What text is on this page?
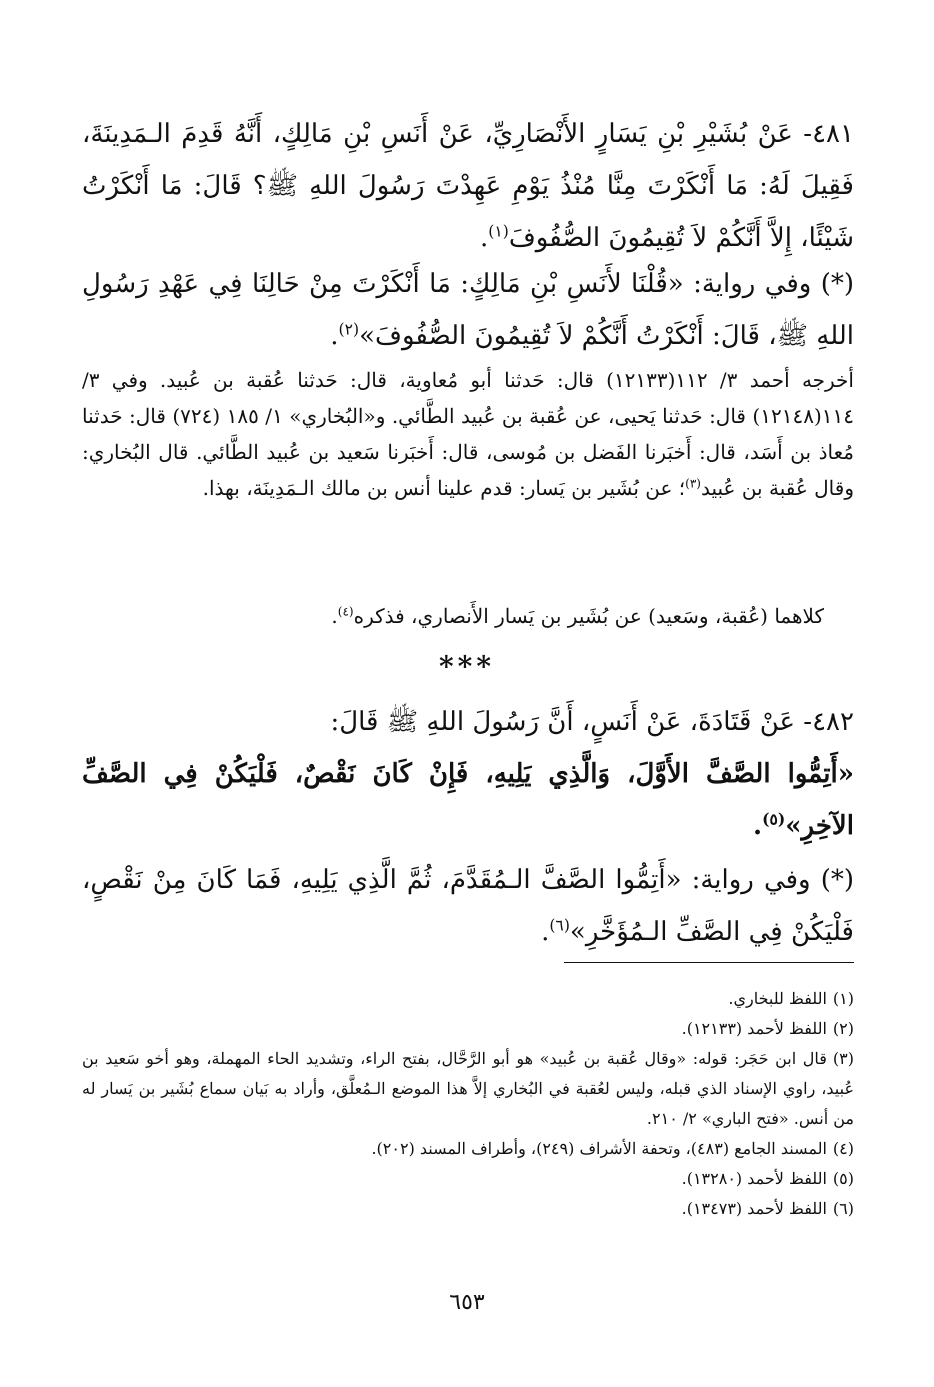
٤٨١- عَنْ بُشَيْرِ بْنِ يَسَارٍ الأَنْصَارِيِّ، عَنْ أَنَسِ بْنِ مَالِكٍ، أَنَّهُ قَدِمَ الـمَدِينَةَ، فَقِيلَ لَهُ: مَا أَنْكَرْتَ مِنَّا مُنْذُ يَوْمِ عَهِدْتَ رَسُولَ اللهِ ﷺ؟ قَالَ: مَا أَنْكَرْتُ شَيْئًا، إِلاَّ أَنَّكُمْ لاَ تُقِيمُونَ الصُّفُوفَ$^{(١)}$.

(*) وفي رواية: «قُلْنَا لأَنَسِ بْنِ مَالِكٍ: مَا أَنْكَرْتَ مِنْ حَالِنَا فِي عَهْدِ رَسُولِ اللهِ ﷺ، قَالَ: أَنْكَرْتُ أَنَّكُمْ لاَ تُقِيمُونَ الصُّفُوفَ»$^{(٢)}$.

أخرجه أحمد ٣/ ١١٢(١٢١٣٣) قال: حَدثنا أبو مُعاوية، قال: حَدثنا عُقبة بن عُبيد. وفي ٣/ ١١٤(١٢١٤٨) قال: حَدثنا يَحيى، عن عُقبة بن عُبيد الطَّائي. و«البُخاري» ١/ ١٨٥ (٧٢٤) قال: حَدثنا مُعاذ بن أَسَد، قال: أَخبَرنا الفَضل بن مُوسى، قال: أَخبَرنا سَعيد بن عُبيد الطَّائي. قال البُخاري: وقال عُقبة بن عُبيد$^{(٣)}$؛ عن بُشَير بن يَسار: قدم علينا أنس بن مالك الـمَدِينَة، بهذا.

كلاهما (عُقبة، وسَعيد) عن بُشَير بن يَسار الأَنصاري، فذكره$^{(٤)}$.

***

٤٨٢- عَنْ قَتَادَةَ، عَنْ أَنَسٍ، أَنَّ رَسُولَ اللهِ ﷺ قَالَ:

«أَتِمُّوا الصَّفَّ الأَوَّلَ، وَالَّذِي يَلِيهِ، فَإِنْ كَانَ نَقْصٌ، فَلْيَكُنْ فِي الصَّفِّ الآخِرِ»$^{(٥)}$.

(*) وفي رواية: «أَتِمُّوا الصَّفَّ الـمُقَدَّمَ، ثُمَّ الَّذِي يَلِيهِ، فَمَا كَانَ مِنْ نَقْصٍ، فَلْيَكُنْ فِي الصَّفِّ الـمُؤَخَّرِ»$^{(٦)}$.

(١)اللفظ للبخاري.

(٢)اللفظ لأحمد (١٢١٣٣).

(٣)قال ابن حَجَر: قوله: «وقال عُقبة بن عُبيد» هو أبو الرَّحَّال، بفتح الراء، وتشديد الحاء المهملة، وهو أخو سَعيد بن عُبيد، راوي الإسناد الذي قبله، وليس لعُقبة في البُخاري إلاَّ هذا الموضع الـمُعلَّق، وأراد به بَيان سماع بُشَير بن يَسار له من أنس. «فتح الباري» ٢/ ٢١٠.

(٤)المسند الجامع (٤٨٣)، وتحفة الأشراف (٢٤٩)، وأطراف المسند (٢٠٢).

(٥)اللفظ لأحمد (١٣٢٨٠).

(٦)اللفظ لأحمد (١٣٤٧٣).

٦٥٣
